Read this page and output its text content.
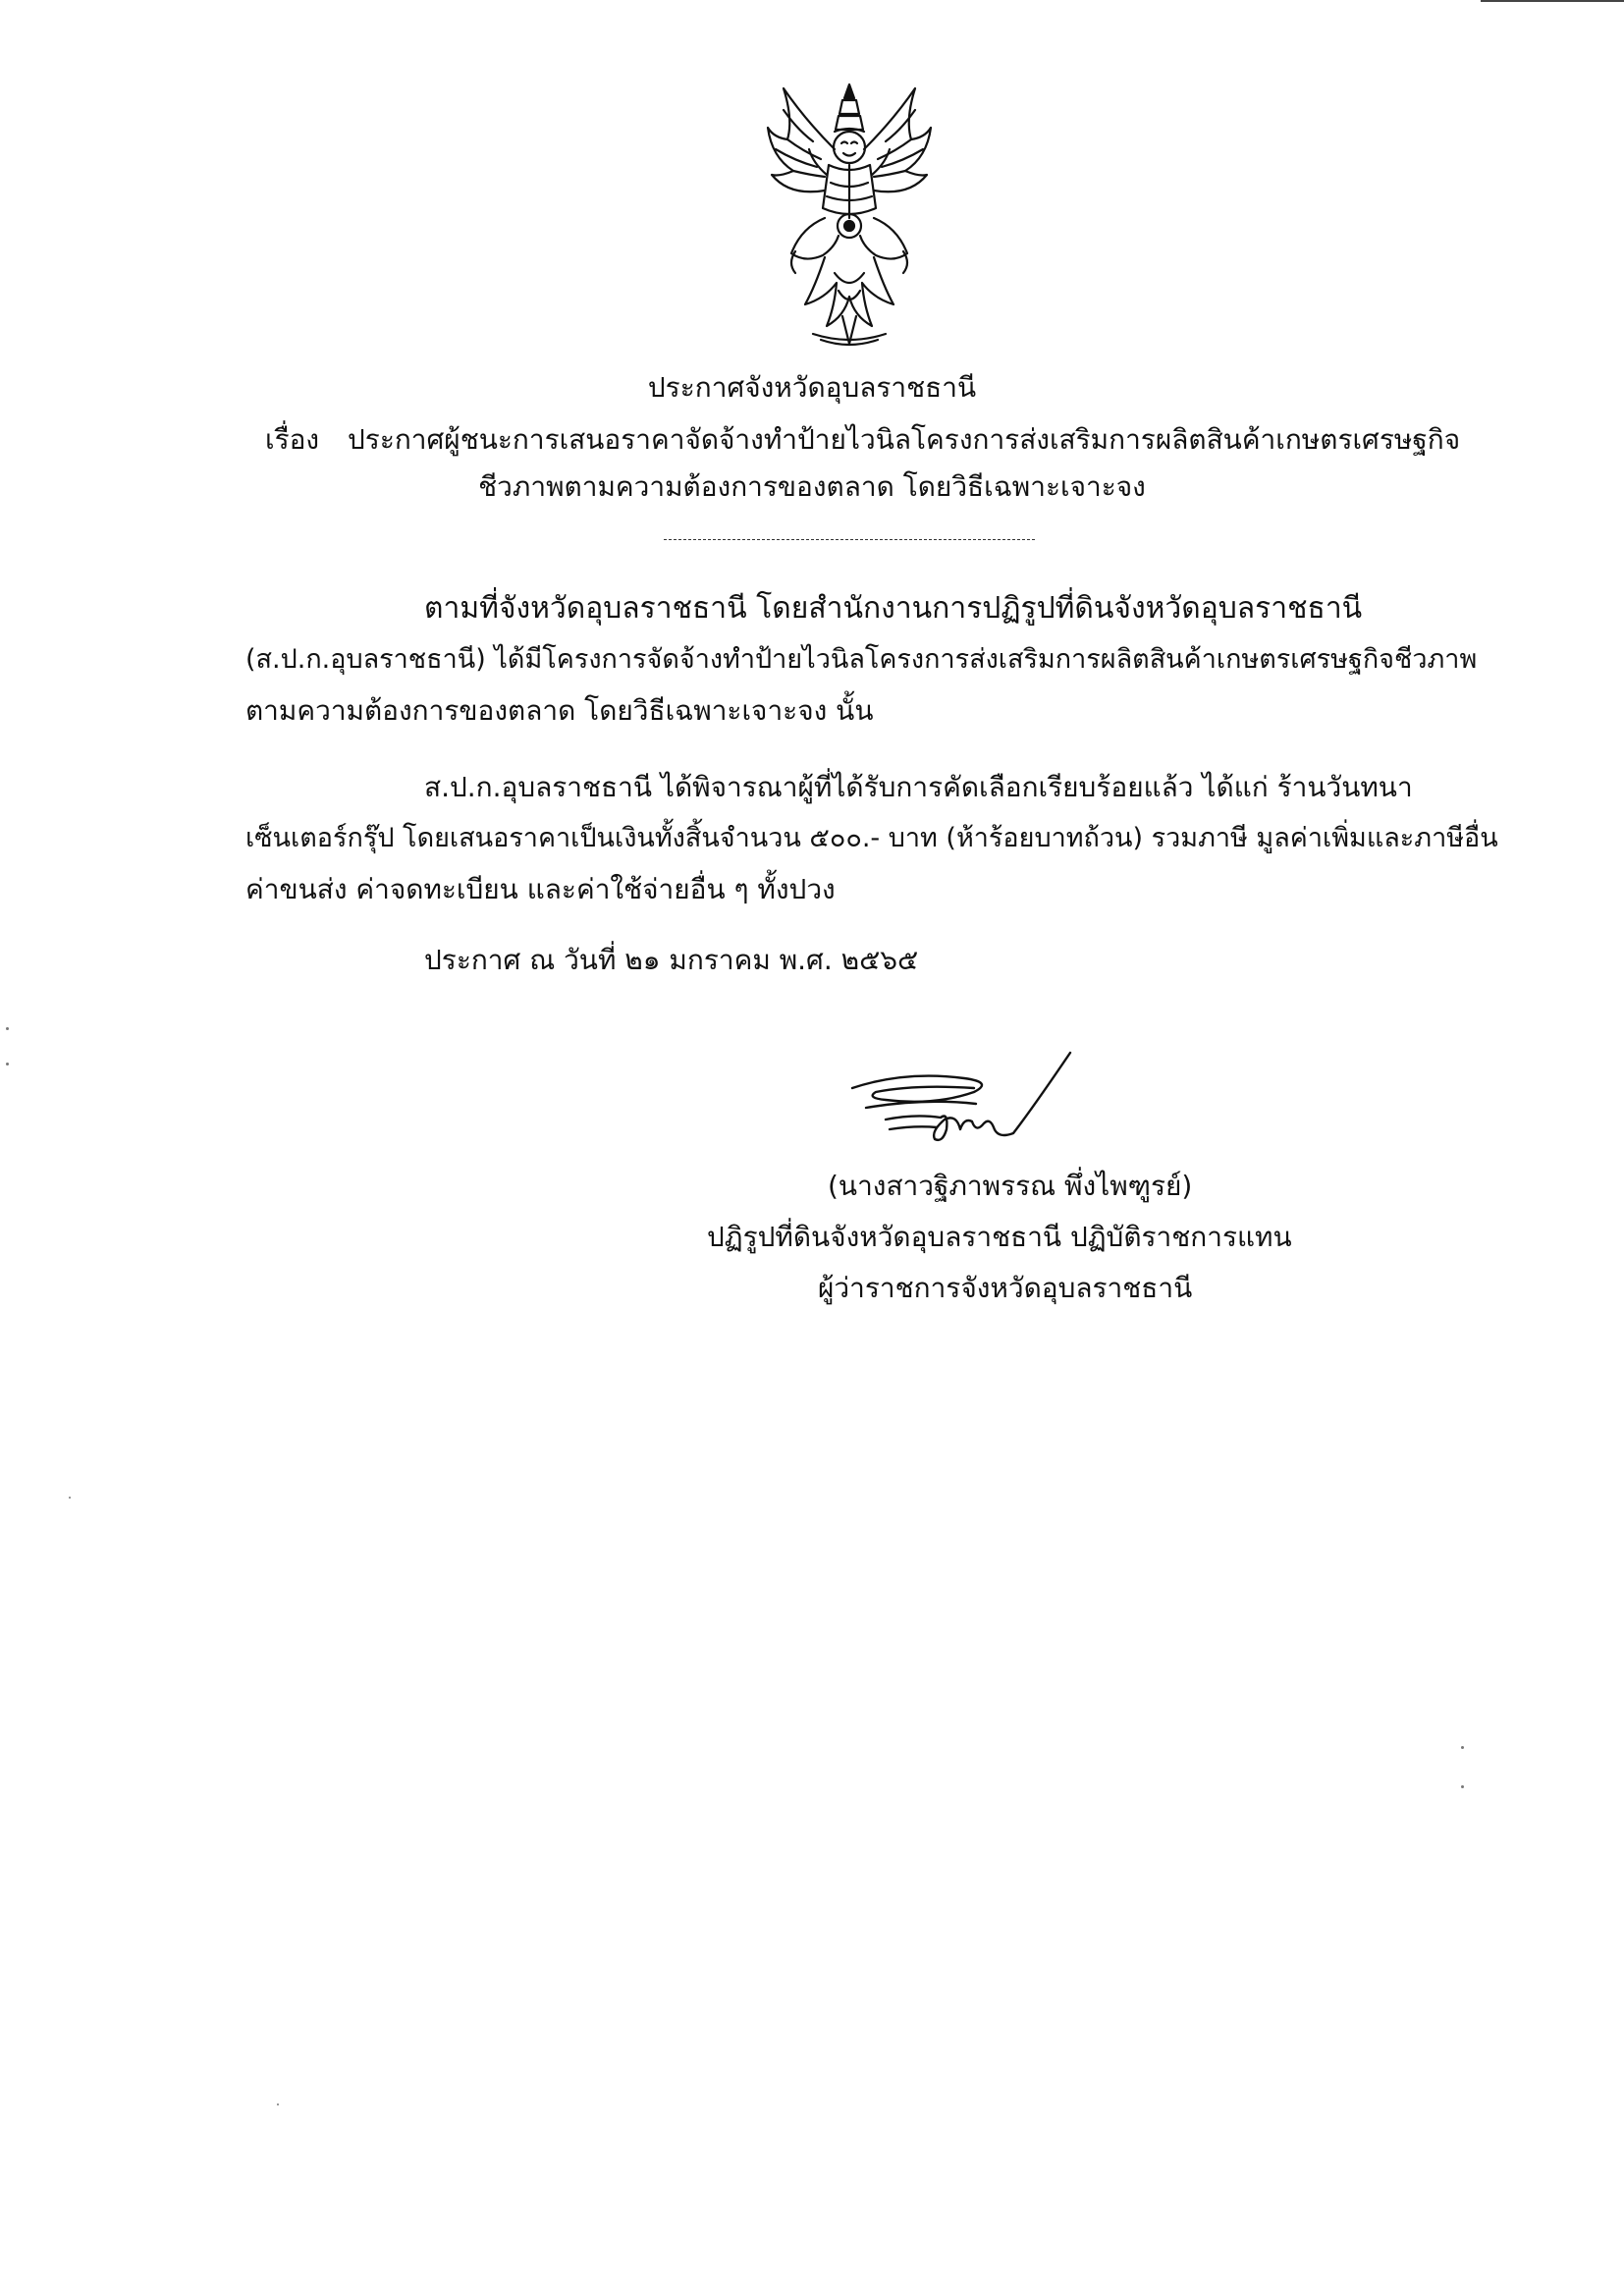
ประกาศจังหวัดอุบลราชธานี
เรื่อง ประกาศผู้ชนะการเสนอราคาจัดจ้างทำป้ายไวนิลโครงการส่งเสริมการผลิตสินค้าเกษตรเศรษฐกิจ
ชีวภาพตามความต้องการของตลาด โดยวิธีเฉพาะเจาะจง
ตามที่จังหวัดอุบลราชธานี โดยสำนักงานการปฏิรูปที่ดินจังหวัดอุบลราชธานี
(ส.ป.ก.อุบลราชธานี) ได้มีโครงการจัดจ้างทำป้ายไวนิลโครงการส่งเสริมการผลิตสินค้าเกษตรเศรษฐกิจชีวภาพ
ตามความต้องการของตลาด โดยวิธีเฉพาะเจาะจง นั้น
ส.ป.ก.อุบลราชธานี ได้พิจารณาผู้ที่ได้รับการคัดเลือกเรียบร้อยแล้ว ได้แก่ ร้านวันทนา
เซ็นเตอร์กรุ๊ป โดยเสนอราคาเป็นเงินทั้งสิ้นจำนวน ๕๐๐.- บาท (ห้าร้อยบาทถ้วน) รวมภาษี มูลค่าเพิ่มและภาษีอื่น
ค่าขนส่ง ค่าจดทะเบียน และค่าใช้จ่ายอื่น ๆ ทั้งปวง
ประกาศ ณ วันที่ ๒๑ มกราคม พ.ศ. ๒๕๖๕
(นางสาวฐิภาพรรณ พึ่งไพฑูรย์)
ปฏิรูปที่ดินจังหวัดอุบลราชธานี ปฏิบัติราชการแทน
ผู้ว่าราชการจังหวัดอุบลราชธานี
